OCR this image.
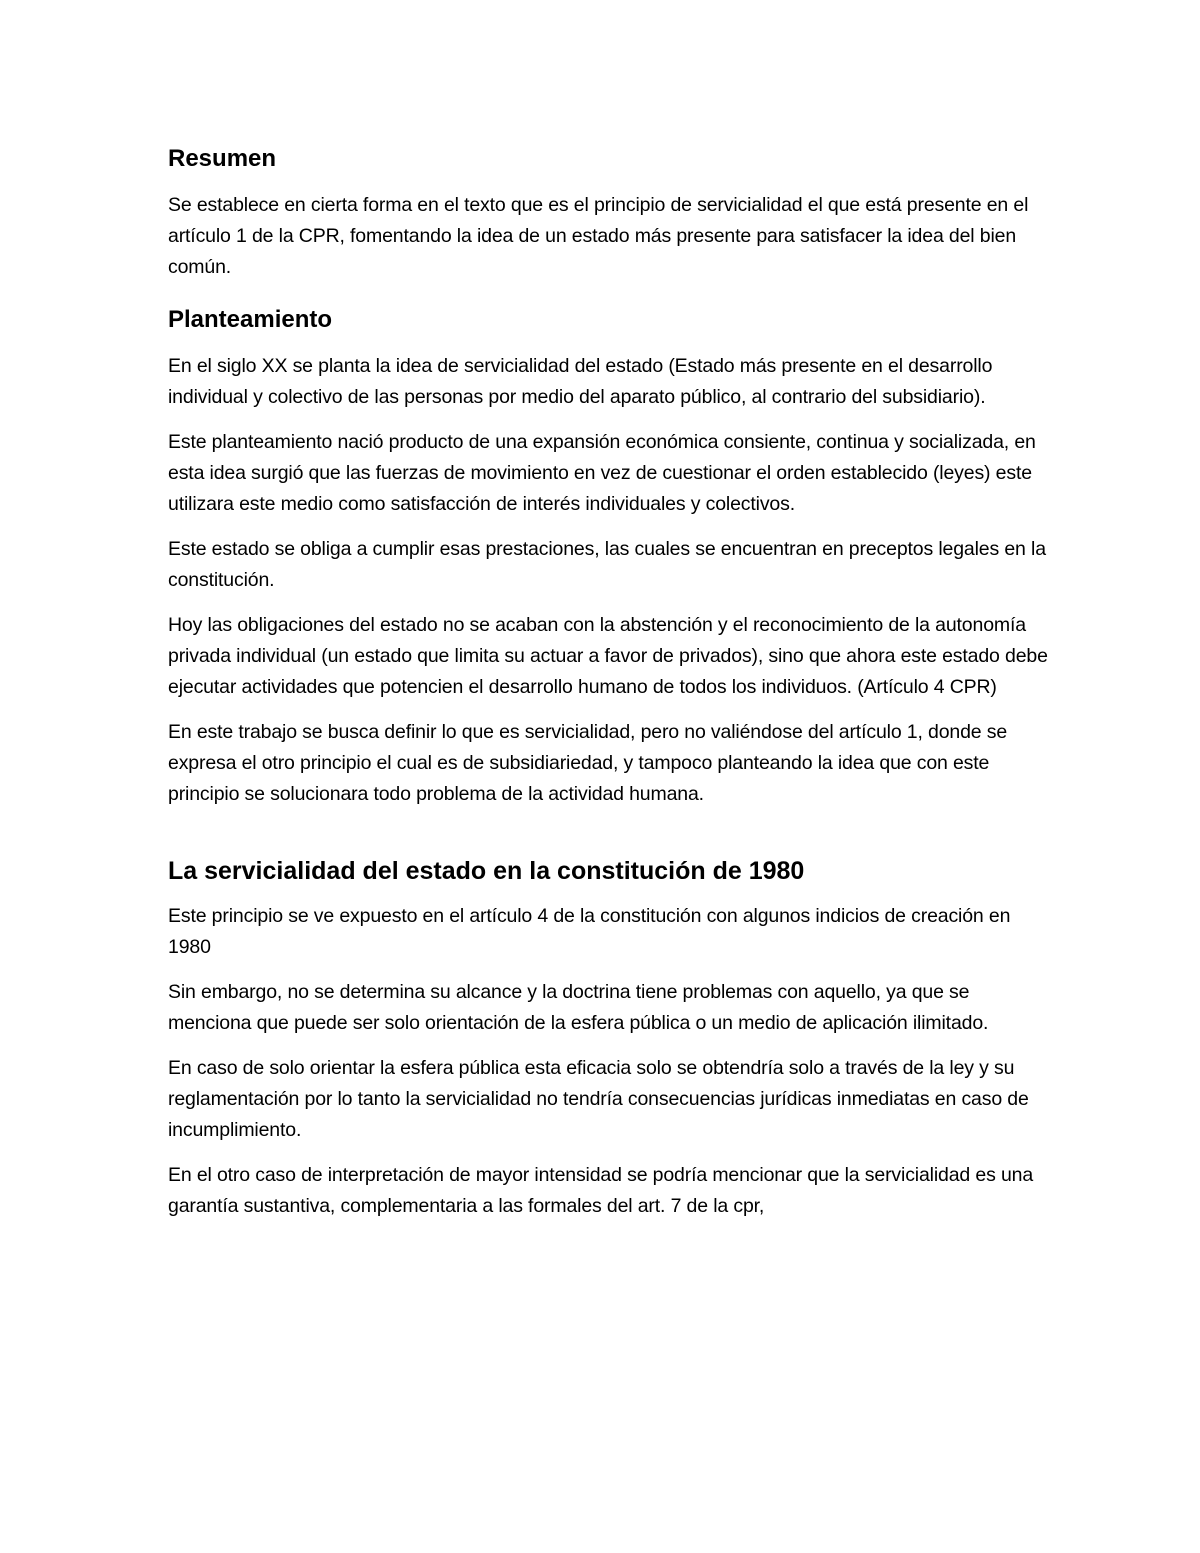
Resumen

Se establece en cierta forma en el texto que es el principio de servicialidad el que está presente en el artículo 1 de la CPR, fomentando la idea de un estado más presente para satisfacer la idea del bien común.

Planteamiento

En el siglo XX se planta la idea de servicialidad del estado (Estado más presente en el desarrollo individual y colectivo de las personas por medio del aparato público, al contrario del subsidiario).

Este planteamiento nació producto de una expansión económica consiente, continua y socializada, en esta idea surgió que las fuerzas de movimiento en vez de cuestionar el orden establecido (leyes) este utilizara este medio como satisfacción de interés individuales y colectivos.

Este estado se obliga a cumplir esas prestaciones, las cuales se encuentran en preceptos legales en la constitución.

Hoy las obligaciones del estado no se acaban con la abstención y el reconocimiento de la autonomía privada individual (un estado que limita su actuar a favor de privados), sino que ahora este estado debe ejecutar actividades que potencien el desarrollo humano de todos los individuos. (Artículo 4 CPR)

En este trabajo se busca definir lo que es servicialidad, pero no valiéndose del artículo 1, donde se expresa el otro principio el cual es de subsidiariedad, y tampoco planteando la idea que con este principio se solucionara todo problema de la actividad humana.

La servicialidad del estado en la constitución de 1980

Este principio se ve expuesto en el artículo 4 de la constitución con algunos indicios de creación en 1980

Sin embargo, no se determina su alcance y la doctrina tiene problemas con aquello, ya que se menciona que puede ser solo orientación de la esfera pública o un medio de aplicación ilimitado.

En caso de solo orientar la esfera pública esta eficacia solo se obtendría solo a través de la ley y su reglamentación por lo tanto la servicialidad no tendría consecuencias jurídicas inmediatas en caso de incumplimiento.

En el otro caso de interpretación de mayor intensidad se podría mencionar que la servicialidad es una garantía sustantiva, complementaria a las formales del art. 7 de la cpr,
